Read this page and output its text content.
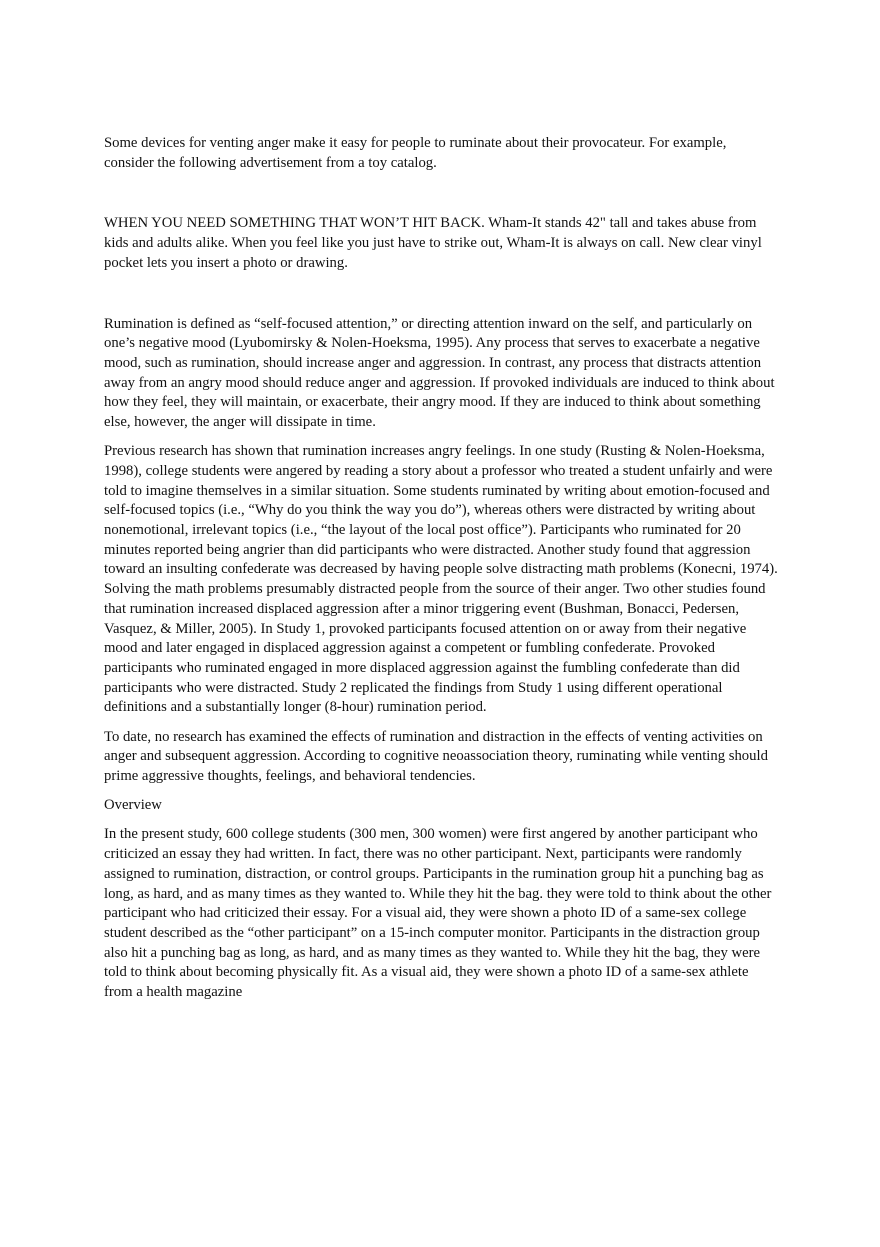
Some devices for venting anger make it easy for people to ruminate about their provocateur. For example, consider the following advertisement from a toy catalog.

WHEN YOU NEED SOMETHING THAT WON’T HIT BACK. Wham-It stands 42" tall and takes abuse from kids and adults alike. When you feel like you just have to strike out, Wham-It is always on call. New clear vinyl pocket lets you insert a photo or drawing.

Rumination is defined as “self-focused attention,” or directing attention inward on the self, and particularly on one’s negative mood (Lyubomirsky & Nolen-Hoeksma, 1995). Any process that serves to exacerbate a negative mood, such as rumination, should increase anger and aggression. In contrast, any process that distracts attention away from an angry mood should reduce anger and aggression. If provoked individuals are induced to think about how they feel, they will maintain, or exacerbate, their angry mood. If they are induced to think about something else, however, the anger will dissipate in time.

Previous research has shown that rumination increases angry feelings. In one study (Rusting & Nolen-Hoeksma, 1998), college students were angered by reading a story about a professor who treated a student unfairly and were told to imagine themselves in a similar situation. Some students ruminated by writing about emotion-focused and self-focused topics (i.e., “Why do you think the way you do”), whereas others were distracted by writing about nonemotional, irrelevant topics (i.e., “the layout of the local post office”). Participants who ruminated for 20 minutes reported being angrier than did participants who were distracted. Another study found that aggression toward an insulting confederate was decreased by having people solve distracting math problems (Konecni, 1974). Solving the math problems presumably distracted people from the source of their anger. Two other studies found that rumination increased displaced aggression after a minor triggering event (Bushman, Bonacci, Pedersen, Vasquez, & Miller, 2005). In Study 1, provoked participants focused attention on or away from their negative mood and later engaged in displaced aggression against a competent or fumbling confederate. Provoked participants who ruminated engaged in more displaced aggression against the fumbling confederate than did participants who were distracted. Study 2 replicated the findings from Study 1 using different operational definitions and a substantially longer (8-hour) rumination period.

To date, no research has examined the effects of rumination and distraction in the effects of venting activities on anger and subsequent aggression. According to cognitive neoassociation theory, ruminating while venting should prime aggressive thoughts, feelings, and behavioral tendencies.

Overview

In the present study, 600 college students (300 men, 300 women) were first angered by another participant who criticized an essay they had written. In fact, there was no other participant. Next, participants were randomly assigned to rumination, distraction, or control groups. Participants in the rumination group hit a punching bag as long, as hard, and as many times as they wanted to. While they hit the bag. they were told to think about the other participant who had criticized their essay. For a visual aid, they were shown a photo ID of a same-sex college student described as the “other participant” on a 15-inch computer monitor. Participants in the distraction group also hit a punching bag as long, as hard, and as many times as they wanted to. While they hit the bag, they were told to think about becoming physically fit. As a visual aid, they were shown a photo ID of a same-sex athlete from a health magazine
